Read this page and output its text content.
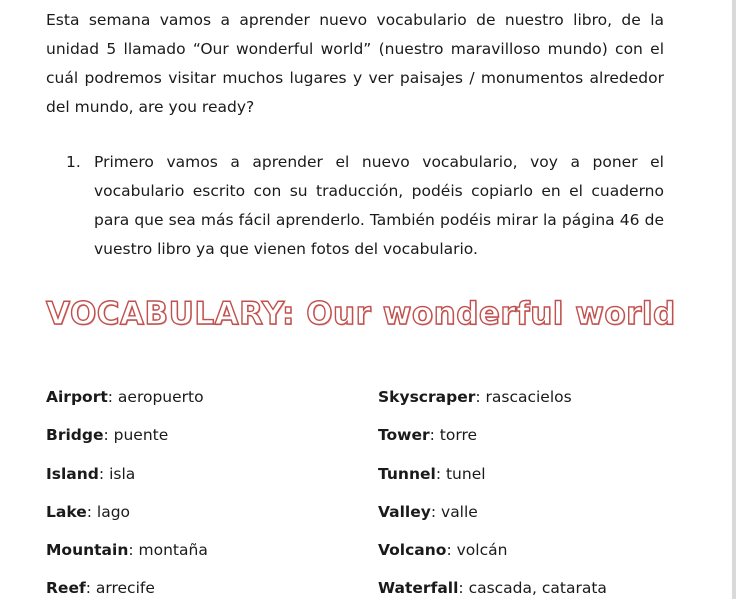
Esta semana vamos a aprender nuevo vocabulario de nuestro libro, de la unidad 5 llamado “Our wonderful world” (nuestro maravilloso mundo) con el cuál podremos visitar muchos lugares y ver paisajes / monumentos alrededor del mundo, are you ready?

1. Primero vamos a aprender el nuevo vocabulario, voy a poner el vocabulario escrito con su traducción, podéis copiarlo en el cuaderno para que sea más fácil aprenderlo. También podéis mirar la página 46 de vuestro libro ya que vienen fotos del vocabulario.
VOCABULARY: Our wonderful world
Airport: aeropuerto	Skyscraper: rascacielos
Bridge: puente	Tower: torre
Island: isla	Tunnel: tunel
Lake: lago	Valley: valle
Mountain: montaña	Volcano: volcán
Reef: arrecife	Waterfall: cascada, catarata
